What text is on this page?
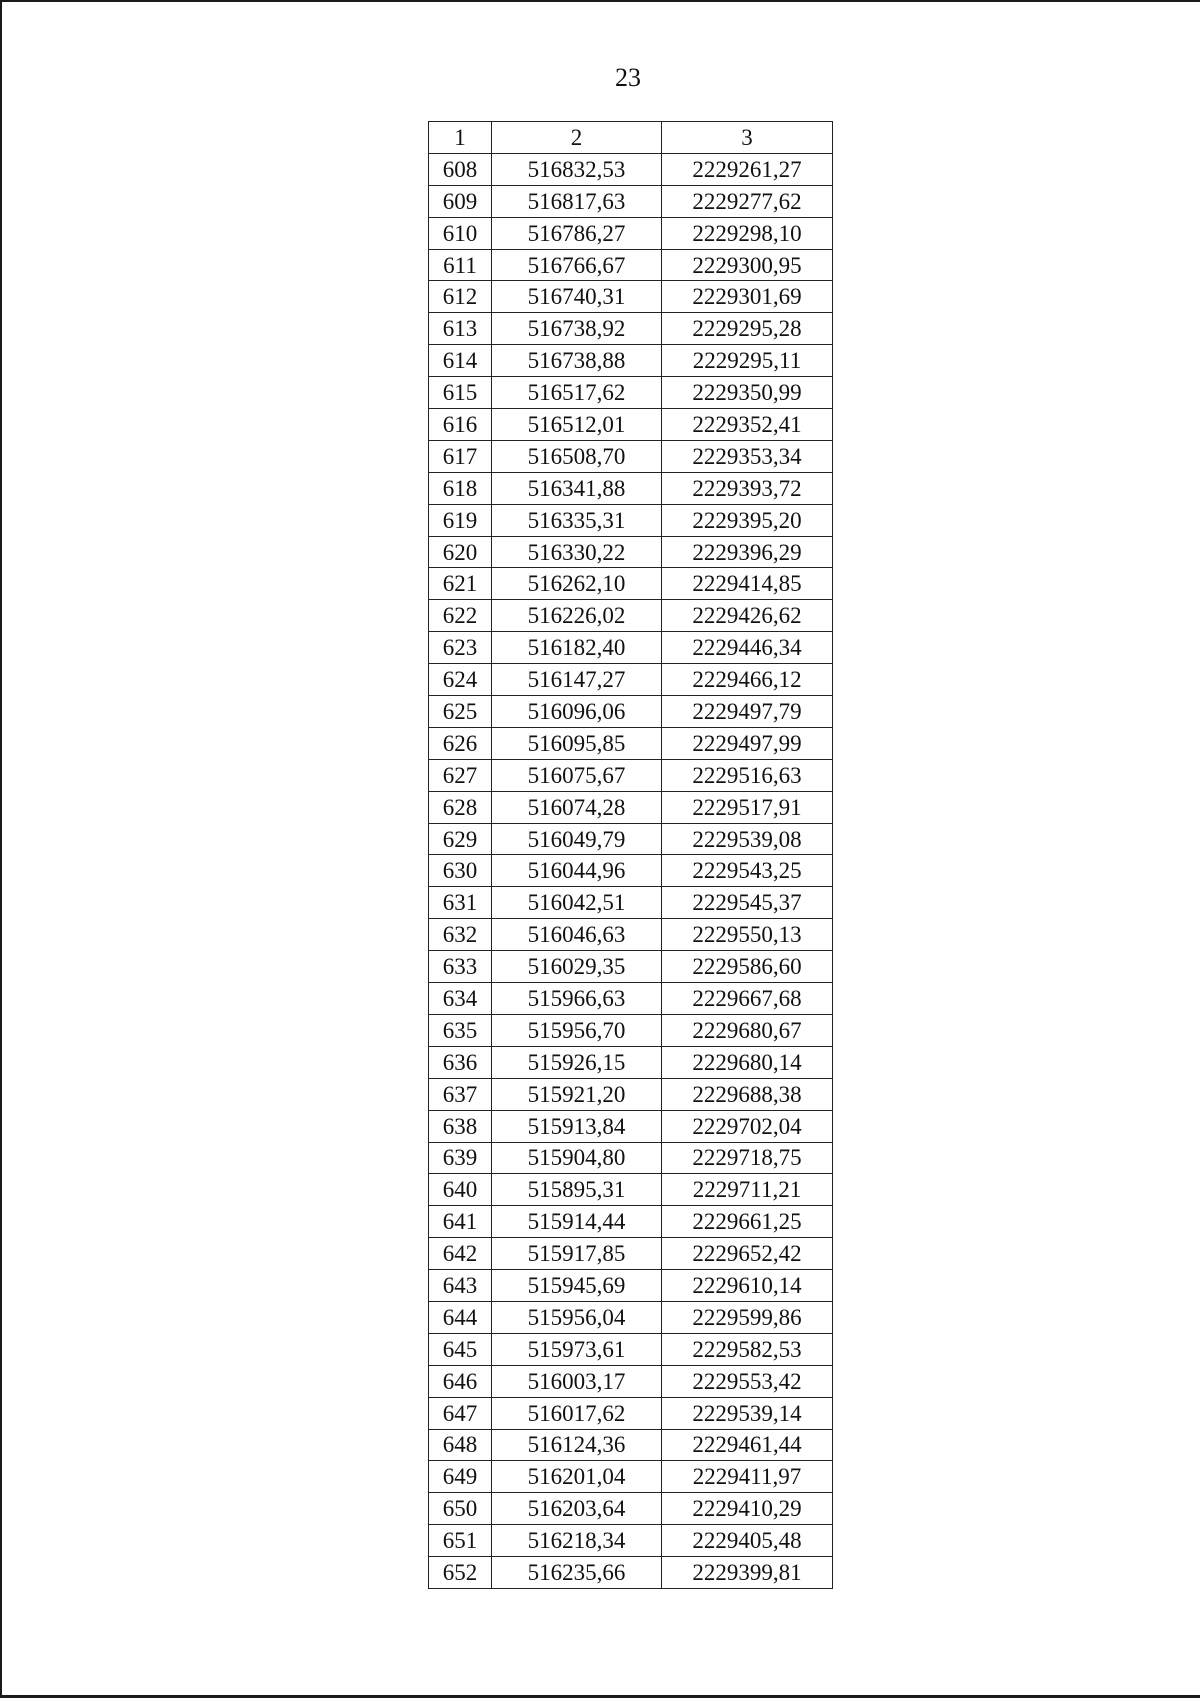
23
1	2	3
608	516832,53	2229261,27
609	516817,63	2229277,62
610	516786,27	2229298,10
611	516766,67	2229300,95
612	516740,31	2229301,69
613	516738,92	2229295,28
614	516738,88	2229295,11
615	516517,62	2229350,99
616	516512,01	2229352,41
617	516508,70	2229353,34
618	516341,88	2229393,72
619	516335,31	2229395,20
620	516330,22	2229396,29
621	516262,10	2229414,85
622	516226,02	2229426,62
623	516182,40	2229446,34
624	516147,27	2229466,12
625	516096,06	2229497,79
626	516095,85	2229497,99
627	516075,67	2229516,63
628	516074,28	2229517,91
629	516049,79	2229539,08
630	516044,96	2229543,25
631	516042,51	2229545,37
632	516046,63	2229550,13
633	516029,35	2229586,60
634	515966,63	2229667,68
635	515956,70	2229680,67
636	515926,15	2229680,14
637	515921,20	2229688,38
638	515913,84	2229702,04
639	515904,80	2229718,75
640	515895,31	2229711,21
641	515914,44	2229661,25
642	515917,85	2229652,42
643	515945,69	2229610,14
644	515956,04	2229599,86
645	515973,61	2229582,53
646	516003,17	2229553,42
647	516017,62	2229539,14
648	516124,36	2229461,44
649	516201,04	2229411,97
650	516203,64	2229410,29
651	516218,34	2229405,48
652	516235,66	2229399,81
